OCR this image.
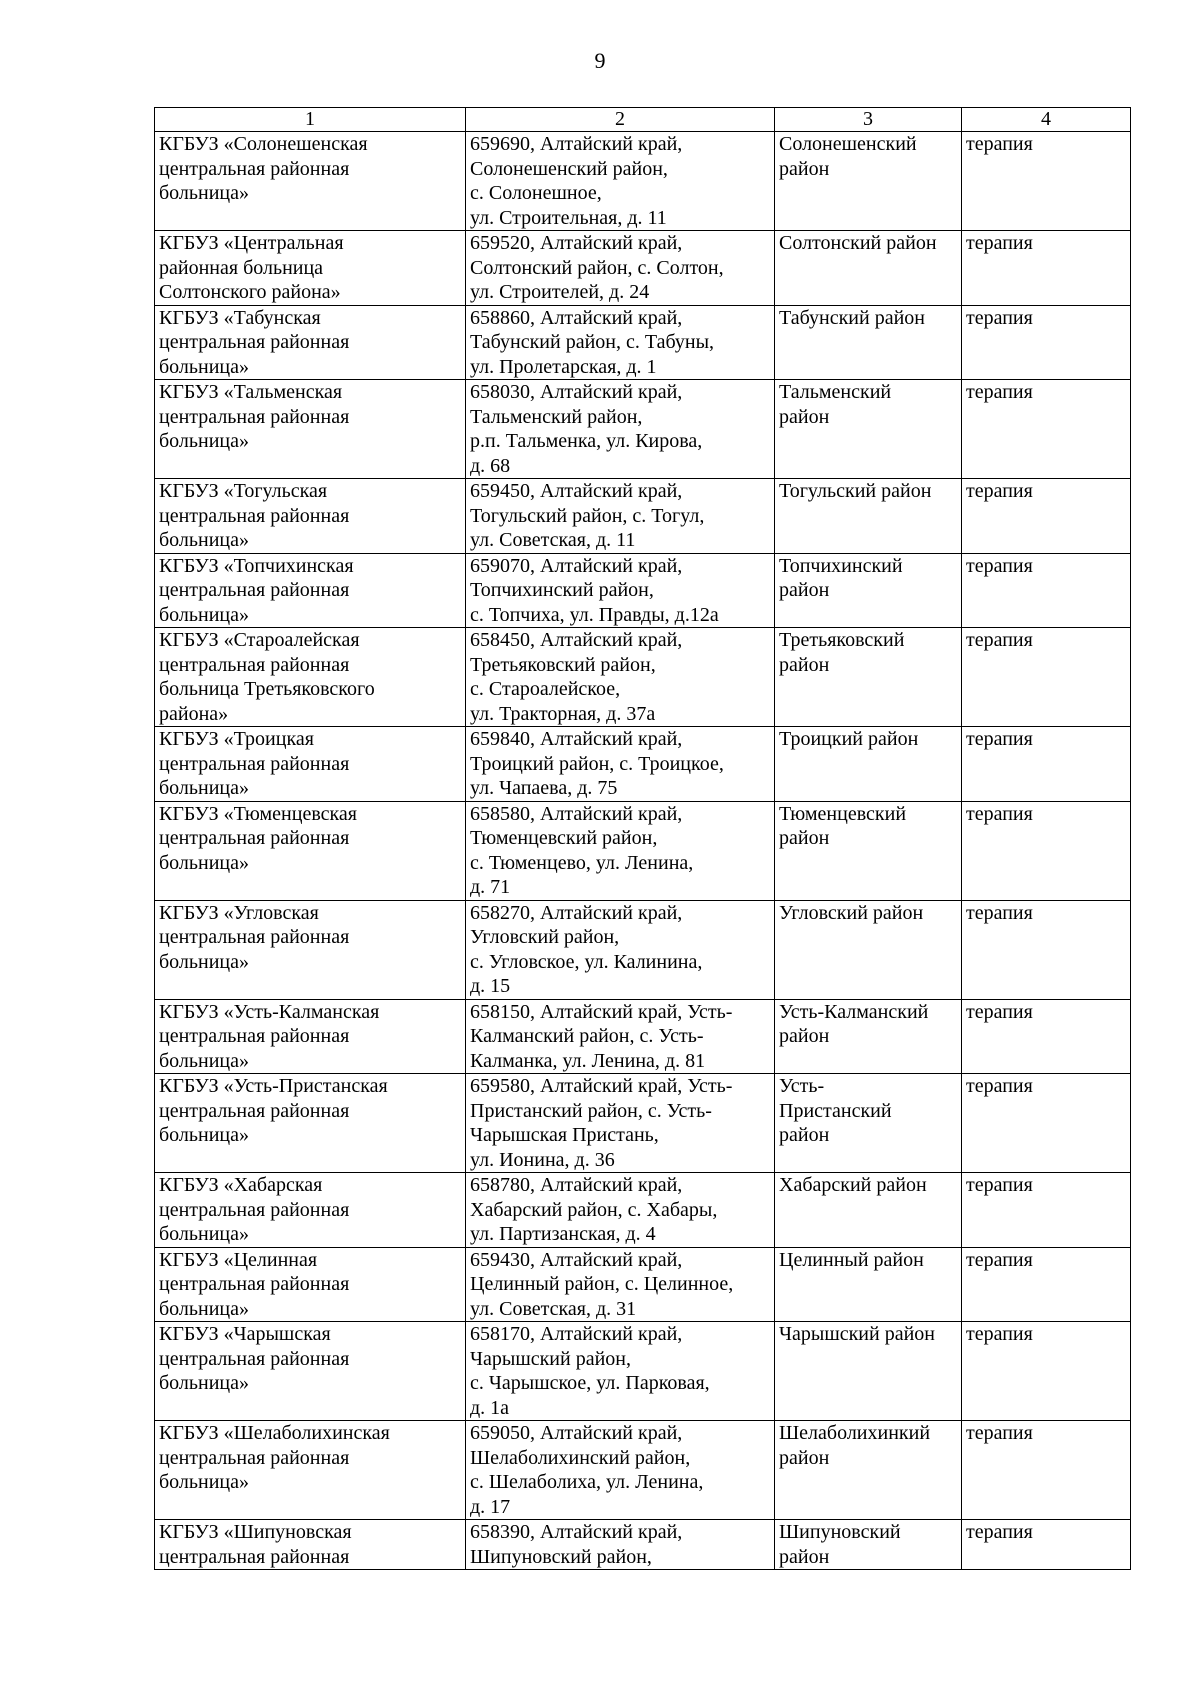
9
1	2	3	4
КГБУЗ «Солонешенская
центральная районная
больница»	659690, Алтайский край,
Солонешенский район,
с. Солонешное,
ул. Строительная, д. 11	Солонешенский
район	терапия
КГБУЗ «Центральная
районная больница
Солтонского района»	659520, Алтайский край,
Солтонский район, с. Солтон,
ул. Строителей, д. 24	Солтонский район	терапия
КГБУЗ «Табунская
центральная районная
больница»	658860, Алтайский край,
Табунский район, с. Табуны,
ул. Пролетарская, д. 1	Табунский район	терапия
КГБУЗ «Тальменская
центральная районная
больница»	658030, Алтайский край,
Тальменский район,
р.п. Тальменка, ул. Кирова,
д. 68	Тальменский
район	терапия
КГБУЗ «Тогульская
центральная районная
больница»	659450, Алтайский край,
Тогульский район, с. Тогул,
ул. Советская, д. 11	Тогульский район	терапия
КГБУЗ «Топчихинская
центральная районная
больница»	659070, Алтайский край,
Топчихинский район,
с. Топчиха, ул. Правды, д.12а	Топчихинский
район	терапия
КГБУЗ «Староалейская
центральная районная
больница Третьяковского
района»	658450, Алтайский край,
Третьяковский район,
с. Староалейское,
ул. Тракторная, д. 37а	Третьяковский
район	терапия
КГБУЗ «Троицкая
центральная районная
больница»	659840, Алтайский край,
Троицкий район, с. Троицкое,
ул. Чапаева, д. 75	Троицкий район	терапия
КГБУЗ «Тюменцевская
центральная районная
больница»	658580, Алтайский край,
Тюменцевский район,
с. Тюменцево, ул. Ленина,
д. 71	Тюменцевский
район	терапия
КГБУЗ «Угловская
центральная районная
больница»	658270, Алтайский край,
Угловский район,
с. Угловское, ул. Калинина,
д. 15	Угловский район	терапия
КГБУЗ «Усть-Калманская
центральная районная
больница»	658150, Алтайский край, Усть-
Калманский район, с. Усть-
Калманка, ул. Ленина, д. 81	Усть-Калманский
район	терапия
КГБУЗ «Усть-Пристанская
центральная районная
больница»	659580, Алтайский край, Усть-
Пристанский район, с. Усть-
Чарышская Пристань,
ул. Ионина, д. 36	Усть-
Пристанский
район	терапия
КГБУЗ «Хабарская
центральная районная
больница»	658780, Алтайский край,
Хабарский район, с. Хабары,
ул. Партизанская, д. 4	Хабарский район	терапия
КГБУЗ «Целинная
центральная районная
больница»	659430, Алтайский край,
Целинный район, с. Целинное,
ул. Советская, д. 31	Целинный район	терапия
КГБУЗ «Чарышская
центральная районная
больница»	658170, Алтайский край,
Чарышский район,
с. Чарышское, ул. Парковая,
д. 1а	Чарышский район	терапия
КГБУЗ «Шелаболихинская
центральная районная
больница»	659050, Алтайский край,
Шелаболихинский район,
с. Шелаболиха, ул. Ленина,
д. 17	Шелаболихинкий
район	терапия
КГБУЗ «Шипуновская
центральная районная	658390, Алтайский край,
Шипуновский район,	Шипуновский
район	терапия
